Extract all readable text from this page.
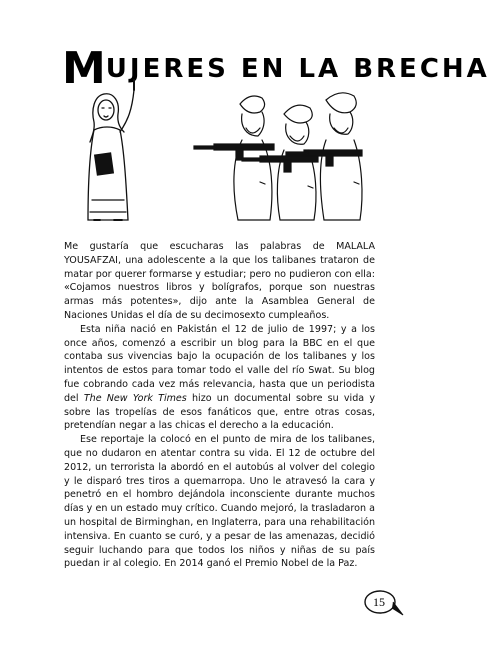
MUJERES EN LA BRECHA

Me gustaría que escucharas las palabras de MALALA YOUSAFZAI, una adolescente a la que los talibanes trataron de matar por querer formarse y estudiar; pero no pudieron con ella: «Cojamos nuestros libros y bolígrafos, porque son nuestras armas más potentes», dijo ante la Asamblea General de Naciones Unidas el día de su decimosexto cumpleaños.

Esta niña nació en Pakistán el 12 de julio de 1997; y a los once años, comenzó a escribir un blog para la BBC en el que contaba sus vivencias bajo la ocupación de los talibanes y los intentos de estos para tomar todo el valle del río Swat. Su blog fue cobrando cada vez más relevancia, hasta que un periodista del The New York Times hizo un documental sobre su vida y sobre las tropelías de esos fanáticos que, entre otras cosas, pretendían negar a las chicas el derecho a la educación.

Ese reportaje la colocó en el punto de mira de los talibanes, que no dudaron en atentar contra su vida. El 12 de octubre del 2012, un terrorista la abordó en el autobús al volver del colegio y le disparó tres tiros a quemarropa. Uno le atravesó la cara y penetró en el hombro dejándola inconsciente durante muchos días y en un estado muy crítico. Cuando mejoró, la trasladaron a un hospital de Birminghan, en Inglaterra, para una rehabilitación intensiva. En cuanto se curó, y a pesar de las amenazas, decidió seguir luchando para que todos los niños y niñas de su país puedan ir al colegio. En 2014 ganó el Premio Nobel de la Paz.

15
